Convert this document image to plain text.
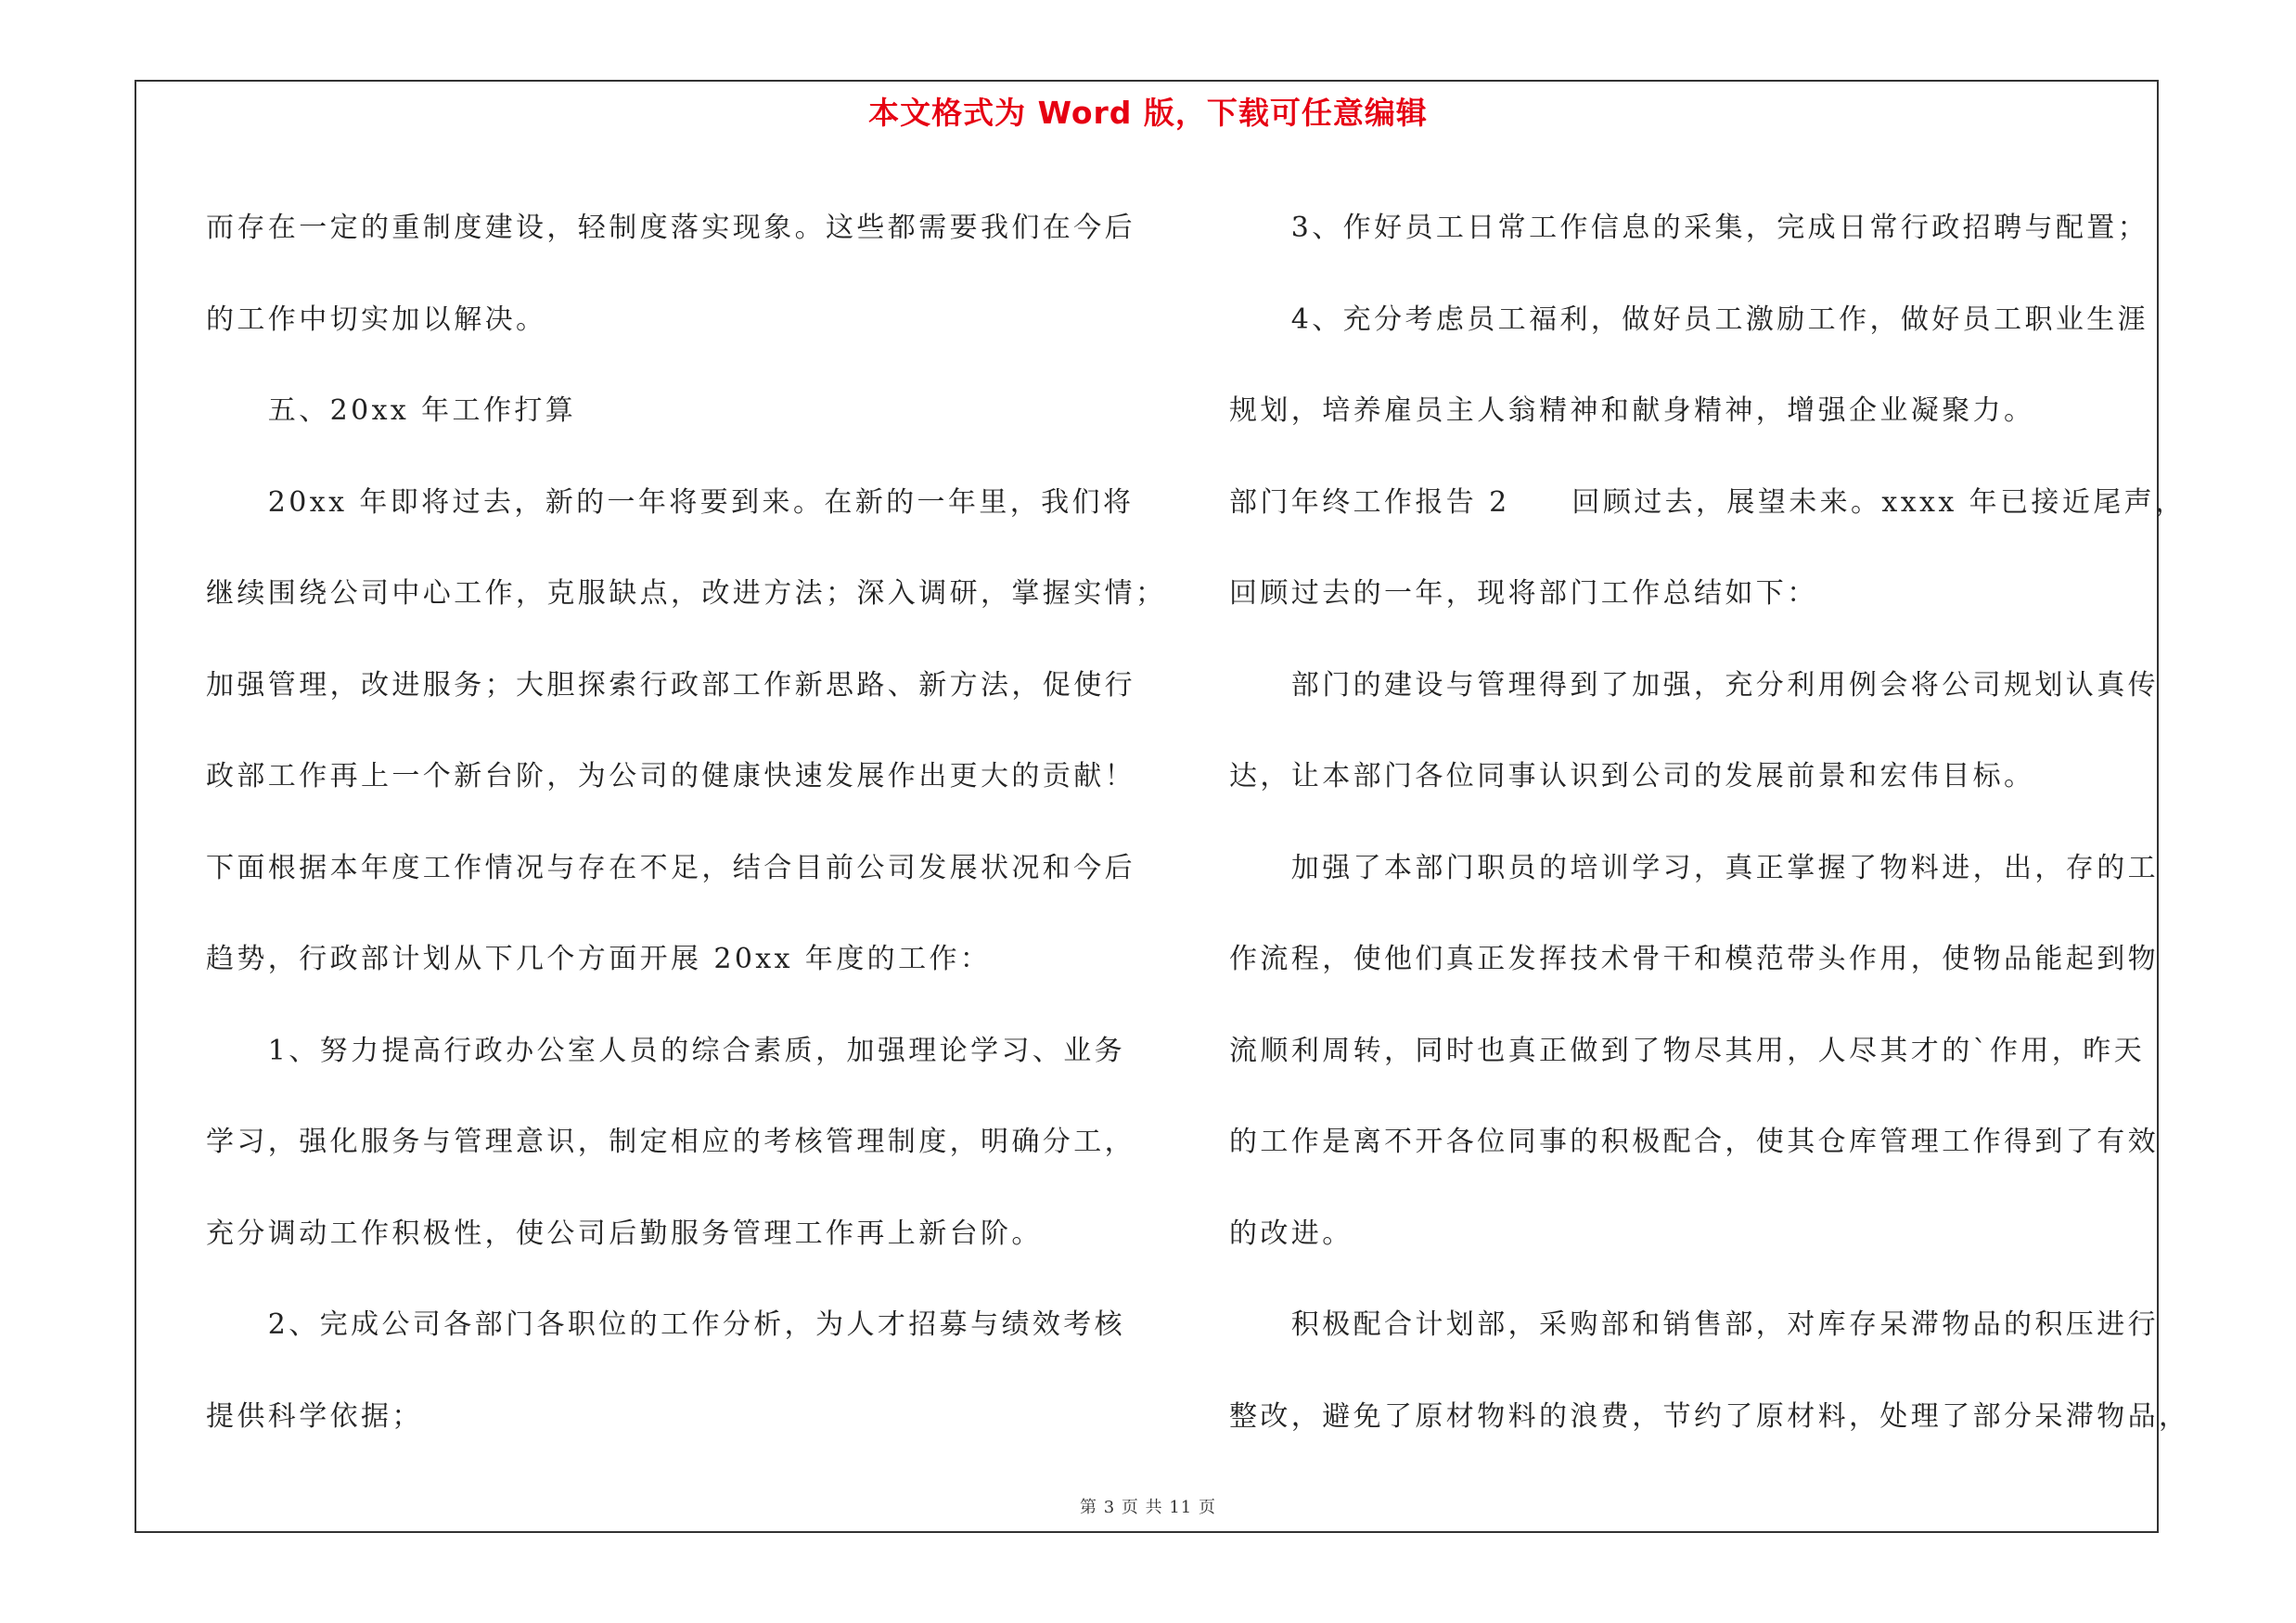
本文格式为 Word 版，下载可任意编辑
而存在一定的重制度建设，轻制度落实现象。这些都需要我们在今后
的工作中切实加以解决。
　　五、20xx 年工作打算
　　20xx 年即将过去，新的一年将要到来。在新的一年里，我们将
继续围绕公司中心工作，克服缺点，改进方法；深入调研，掌握实情；
加强管理，改进服务；大胆探索行政部工作新思路、新方法，促使行
政部工作再上一个新台阶，为公司的健康快速发展作出更大的贡献！
下面根据本年度工作情况与存在不足，结合目前公司发展状况和今后
趋势，行政部计划从下几个方面开展 20xx 年度的工作：
　　1、努力提高行政办公室人员的综合素质，加强理论学习、业务
学习，强化服务与管理意识，制定相应的考核管理制度，明确分工，
充分调动工作积极性，使公司后勤服务管理工作再上新台阶。
　　2、完成公司各部门各职位的工作分析，为人才招募与绩效考核
提供科学依据；
　　3、作好员工日常工作信息的采集，完成日常行政招聘与配置；
　　4、充分考虑员工福利，做好员工激励工作，做好员工职业生涯
规划，培养雇员主人翁精神和献身精神，增强企业凝聚力。
部门年终工作报告 2　　回顾过去，展望未来。xxxx 年已接近尾声，
回顾过去的一年，现将部门工作总结如下：
　　部门的建设与管理得到了加强，充分利用例会将公司规划认真传
达，让本部门各位同事认识到公司的发展前景和宏伟目标。
　　加强了本部门职员的培训学习，真正掌握了物料进，出，存的工
作流程，使他们真正发挥技术骨干和模范带头作用，使物品能起到物
流顺利周转，同时也真正做到了物尽其用，人尽其才的`作用，昨天
的工作是离不开各位同事的积极配合，使其仓库管理工作得到了有效
的改进。
　　积极配合计划部，采购部和销售部，对库存呆滞物品的积压进行
整改，避免了原材物料的浪费，节约了原材料，处理了部分呆滞物品，
第 3 页 共 11 页
